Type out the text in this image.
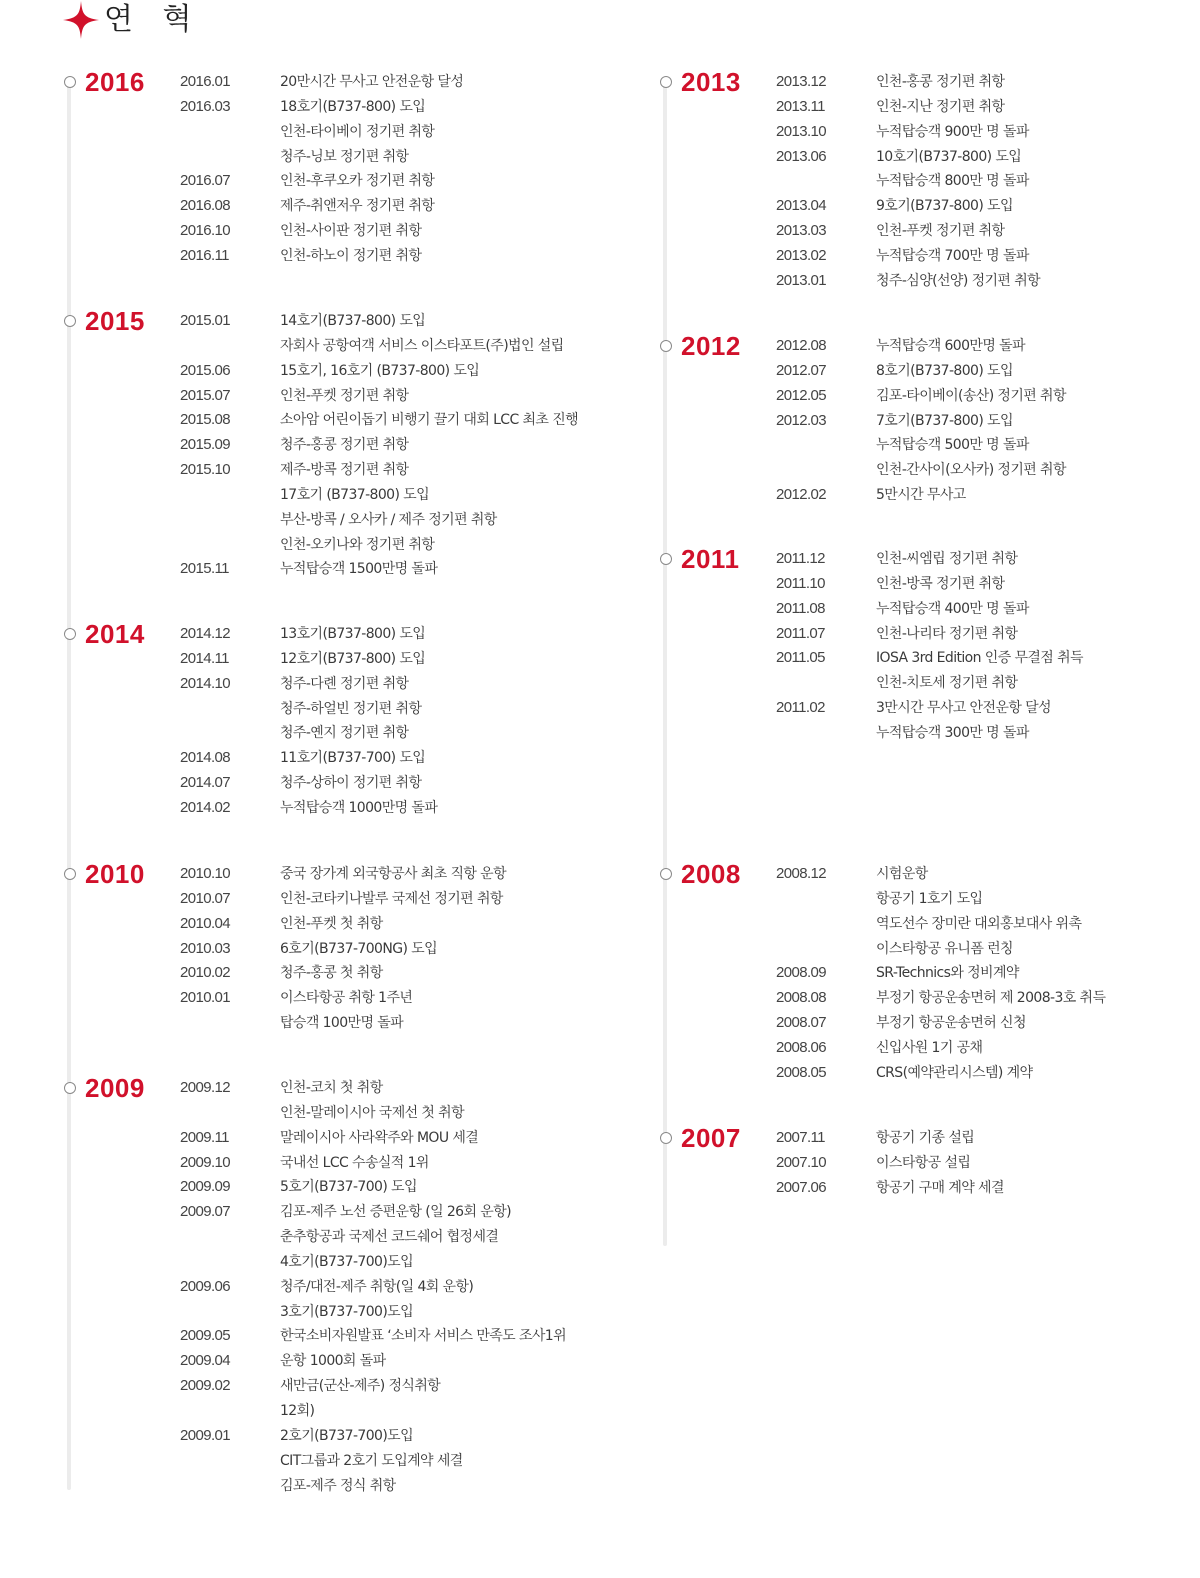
연 혁
2016 2016.01	20만시간 무사고 안전운항 달성
2016.03	18호기(B737-800) 도입
인천-타이베이 정기편 취항
청주-닝보 정기편 취항
2016.07	인천-후쿠오카 정기편 취항
2016.08	제주-취앤저우 정기편 취항
2016.10	인천-사이판 정기편 취항
2016.11	인천-하노이 정기편 취항
2015 2015.01	14호기(B737-800) 도입
자회사 공항여객 서비스 이스타포트(주)법인 설립
2015.06	15호기, 16호기 (B737-800) 도입
2015.07	인천-푸켓 정기편 취항
2015.08	소아암 어린이돕기 비행기 끌기 대회 LCC 최초 진행
2015.09	청주-홍콩 정기편 취항
2015.10	제주-방콕 정기편 취항
17호기 (B737-800) 도입
부산-방콕 / 오사카 / 제주 정기편 취항
인천-오키나와 정기편 취항
2015.11	누적탑승객 1500만명 돌파
2014 2014.12	13호기(B737-800) 도입
2014.11	12호기(B737-800) 도입
2014.10	청주-다롄 정기편 취항
청주-하얼빈 정기편 취항
청주-옌지 정기편 취항
2014.08	11호기(B737-700) 도입
2014.07	청주-상하이 정기편 취항
2014.02	누적탑승객 1000만명 돌파
2010 2010.10	중국 장가계 외국항공사 최초 직항 운항
2010.07	인천-코타키나발루 국제선 정기편 취항
2010.04	인천-푸켓 첫 취항
2010.03	6호기(B737-700NG) 도입
2010.02	청주-홍콩 첫 취항
2010.01	이스타항공 취항 1주년
탑승객 100만명 돌파
2009 2009.12	인천-코치 첫 취항
인천-말레이시아 국제선 첫 취항
2009.11	말레이시아 사라왁주와 MOU 세결
2009.10	국내선 LCC 수송실적 1위
2009.09	5호기(B737-700) 도입
2009.07	김포-제주 노선 증편운항 (일 26회 운항)
춘추항공과 국제선 코드쉐어 협정세결
4호기(B737-700)도입
2009.06	청주/대전-제주 취항(일 4회 운항)
3호기(B737-700)도입
2009.05	한국소비자원발표 ‘소비자 서비스 만족도 조사1위
2009.04	운항 1000회 돌파
2009.02	새만금(군산-제주) 정식취항
12회)
2009.01	2호기(B737-700)도입
CIT그룹과 2호기 도입계약 세결
김포-제주 정식 취항
2013 2013.12	인천-홍콩 정기편 취항
2013.11	인천-지난 정기편 취항
2013.10	누적탑승객 900만 명 돌파
2013.06	10호기(B737-800) 도입
누적탑승객 800만 명 돌파
2013.04	9호기(B737-800) 도입
2013.03	인천-푸켓 정기편 취항
2013.02	누적탑승객 700만 명 돌파
2013.01	청주-심양(선양) 정기편 취항
2012 2012.08	누적탑승객 600만명 돌파
2012.07	8호기(B737-800) 도입
2012.05	김포-타이베이(송산) 정기편 취항
2012.03	7호기(B737-800) 도입
누적탑승객 500만 명 돌파
인천-간사이(오사카) 정기편 취항
2012.02	5만시간 무사고
2011 2011.12	인천-씨엠립 정기편 취항
2011.10	인천-방콕 정기편 취항
2011.08	누적탑승객 400만 명 돌파
2011.07	인천-나리타 정기편 취항
2011.05	IOSA 3rd Edition 인증 무결점 취득
인천-치토세 정기편 취항
2011.02	3만시간 무사고 안전운항 달성
누적탑승객 300만 명 돌파
2008 2008.12	시험운항
항공기 1호기 도입
역도선수 장미란 대외홍보대사 위촉
이스타항공 유니폼 런칭
2008.09	SR-Technics와 정비계약
2008.08	부정기 항공운송면허 제 2008-3호 취득
2008.07	부정기 항공운송면허 신청
2008.06	신입사원 1기 공채
2008.05	CRS(예약관리시스템) 계약
2007 2007.11	항공기 기종 설립
2007.10	이스타항공 설립
2007.06	항공기 구매 계약 세결
